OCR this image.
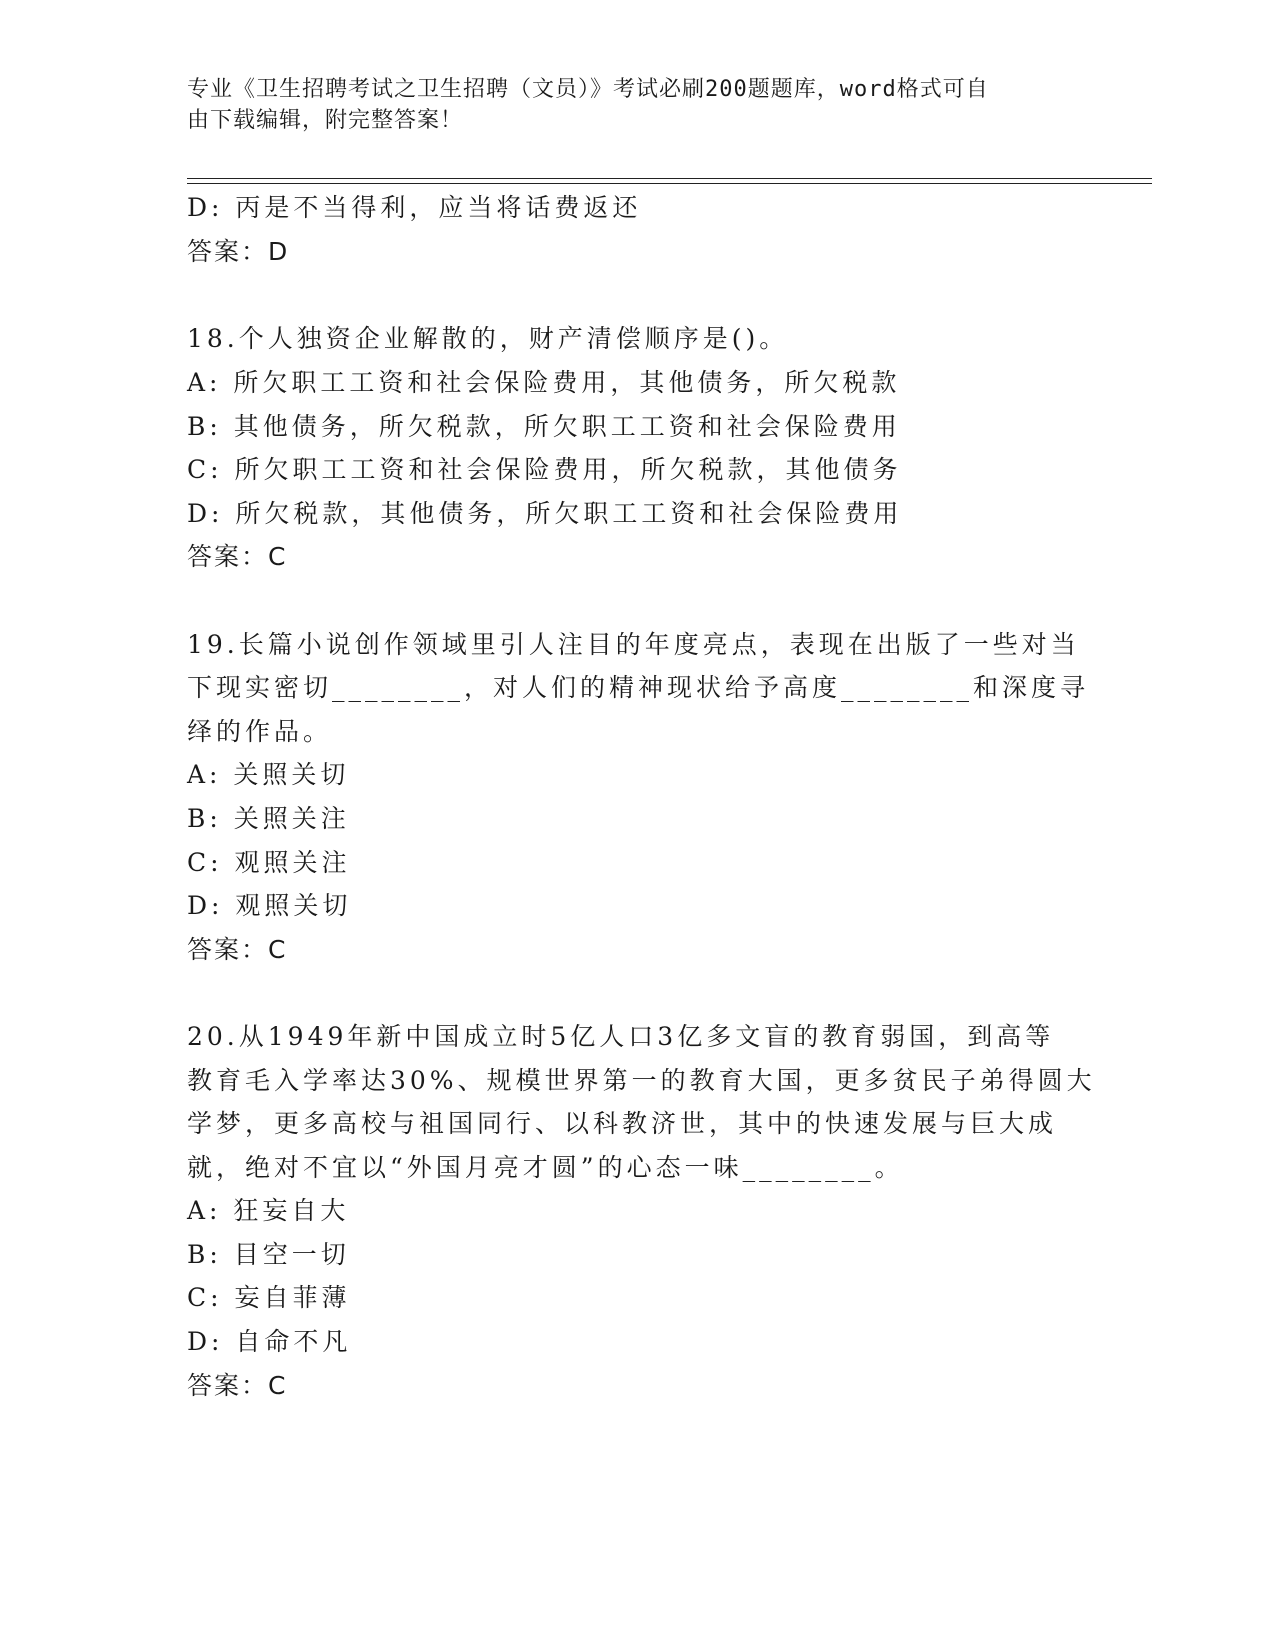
专业《卫生招聘考试之卫生招聘（文员）》考试必刷200题题库，word格式可自
由下载编辑，附完整答案！
D: 丙是不当得利，应当将话费返还
答案：D
18.个人独资企业解散的，财产清偿顺序是()。
A: 所欠职工工资和社会保险费用，其他债务，所欠税款
B: 其他债务，所欠税款，所欠职工工资和社会保险费用
C: 所欠职工工资和社会保险费用，所欠税款，其他债务
D: 所欠税款，其他债务，所欠职工工资和社会保险费用
答案：C
19.长篇小说创作领域里引人注目的年度亮点，表现在出版了一些对当
下现实密切________，对人们的精神现状给予高度________和深度寻
绎的作品。
A: 关照关切
B: 关照关注
C: 观照关注
D: 观照关切
答案：C
20.从1949年新中国成立时5亿人口3亿多文盲的教育弱国，到高等
教育毛入学率达30%、规模世界第一的教育大国，更多贫民子弟得圆大
学梦，更多高校与祖国同行、以科教济世，其中的快速发展与巨大成
就，绝对不宜以“外国月亮才圆”的心态一味________。
A: 狂妄自大
B: 目空一切
C: 妄自菲薄
D: 自命不凡
答案：C
